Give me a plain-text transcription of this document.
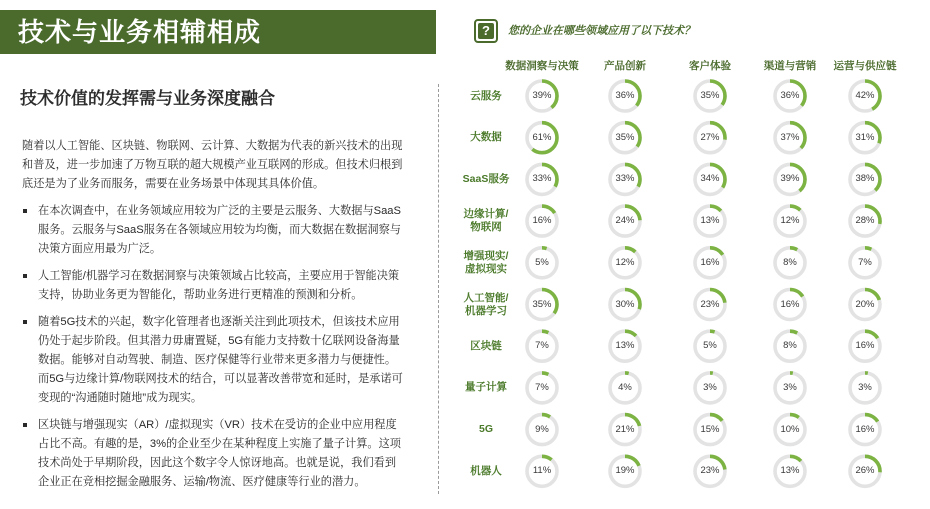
技术与业务相辅相成
技术价值的发挥需与业务深度融合
随着以人工智能、区块链、物联网、云计算、大数据为代表的新兴技术的出现和普及，进一步加速了万物互联的超大规模产业互联网的形成。但技术归根到底还是为了业务而服务，需要在业务场景中体现其具体价值。
在本次调查中，在业务领域应用较为广泛的主要是云服务、大数据与SaaS服务。云服务与SaaS服务在各领域应用较为均衡，而大数据在数据洞察与决策方面应用最为广泛。
人工智能/机器学习在数据洞察与决策领域占比较高，主要应用于智能决策支持，协助业务更为智能化，帮助业务进行更精准的预测和分析。
随着5G技术的兴起，数字化管理者也逐渐关注到此项技术，但该技术应用仍处于起步阶段。但其潜力毋庸置疑，5G有能力支持数十亿联网设备海量数据。能够对自动驾驶、制造、医疗保健等行业带来更多潜力与便捷性。而5G与边缘计算/物联网技术的结合，可以显著改善带宽和延时，是承诺可变现的“沟通随时随地”成为现实。
区块链与增强现实（AR）/虚拟现实（VR）技术在受访的企业中应用程度占比不高。有趣的是，3%的企业至少在某种程度上实施了量子计算。这项技术尚处于早期阶段，因此这个数字令人惊讶地高。也就是说，我们看到企业正在竞相挖掘金融服务、运输/物流、医疗健康等行业的潜力。
?	您的企业在哪些领域应用了以下技术？
数据洞察与决策	产品创新	客户体验	渠道与营销	运营与供应链
云服务	39%	36%	35%	36%	42%
大数据	61%	35%	27%	37%	31%
SaaS服务	33%	33%	34%	39%	38%
边缘计算/
物联网
16%	24%	13%	12%	28%
增强现实/
虚拟现实
5%	12%	16%	8%	7%
人工智能/
机器学习
35%	30%	23%	16%	20%
区块链	7%	13%	5%	8%	16%
量子计算	7%	4%	3%	3%	3%
5G	9%	21%	15%	10%	16%
机器人	11%	19%	23%	13%	26%
